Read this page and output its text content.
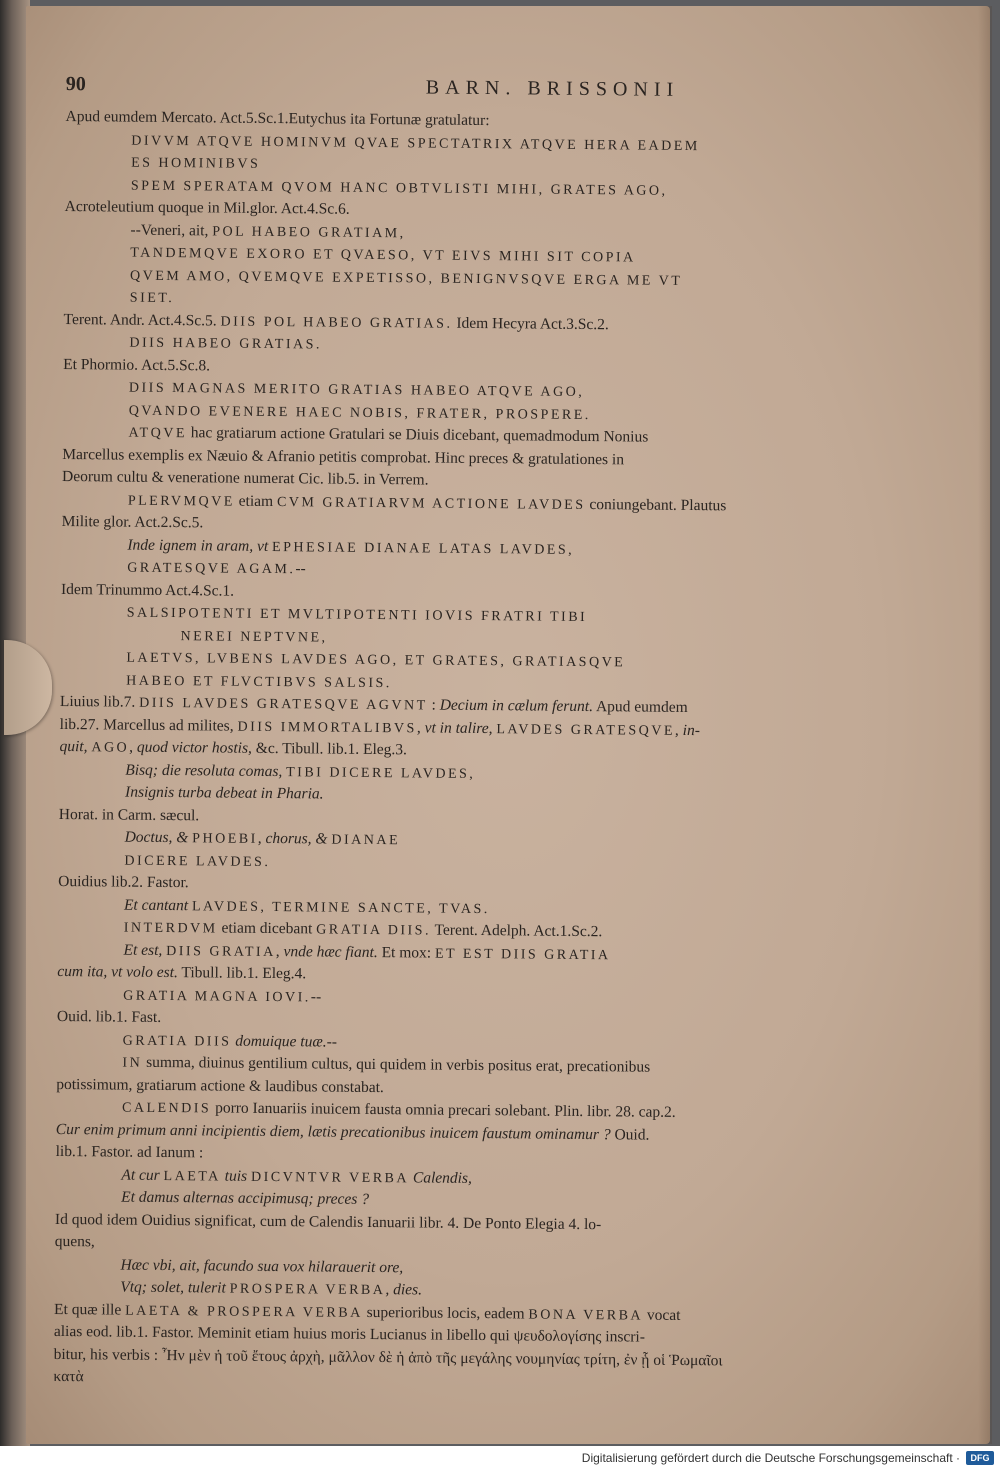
90	BARN. BRISSONII
Apud eumdem Mercato. Act.5.Sc.1.Eutychus ita Fortunæ gratulatur:
DIVVM ATQVE HOMINVM QVAE SPECTATRIX ATQVE HERA EADEM
ES HOMINIBVS
SPEM SPERATAM QVOM HANC OBTVLISTI MIHI, GRATES AGO,
Acroteleutium quoque in Mil.glor. Act.4.Sc.6.
--Veneri, ait, POL HABEO GRATIAM,
TANDEMQVE EXORO ET QVAESO, VT EIVS MIHI SIT COPIA
QVEM AMO, QVEMQVE EXPETISSO, BENIGNVSQVE ERGA ME VT
SIET.
Terent. Andr. Act.4.Sc.5. DIIS POL HABEO GRATIAS. Idem Hecyra Act.3.Sc.2.
DIIS HABEO GRATIAS.
Et Phormio. Act.5.Sc.8.
DIIS MAGNAS MERITO GRATIAS HABEO ATQVE AGO,
QVANDO EVENERE HAEC NOBIS, FRATER, PROSPERE.
ATQVE hac gratiarum actione Gratulari se Diuis dicebant, quemadmodum Nonius
Marcellus exemplis ex Næuio & Afranio petitis comprobat. Hinc preces & gratulationes in
Deorum cultu & veneratione numerat Cic. lib.5. in Verrem.
PLERVMQVE etiam CVM GRATIARVM ACTIONE LAVDES coniungebant. Plautus
Milite glor. Act.2.Sc.5.
Inde ignem in aram, vt EPHESIAE DIANAE LATAS LAVDES,
GRATESQVE AGAM.--
Idem Trinummo Act.4.Sc.1.
SALSIPOTENTI ET MVLTIPOTENTI IOVIS FRATRI TIBI
NEREI NEPTVNE,
LAETVS, LVBENS LAVDES AGO, ET GRATES, GRATIASQVE
HABEO ET FLVCTIBVS SALSIS.
Liuius lib.7. DIIS LAVDES GRATESQVE AGVNT : Decium in cælum ferunt. Apud eumdem
lib.27. Marcellus ad milites, DIIS IMMORTALIBVS, vt in talire, LAVDES GRATESQVE, in-
quit, AGO, quod victor hostis, &c. Tibull. lib.1. Eleg.3.
Bisq; die resoluta comas, TIBI DICERE LAVDES,
Insignis turba debeat in Pharia.
Horat. in Carm. sæcul.
Doctus, & PHOEBI, chorus, & DIANAE
DICERE LAVDES.
Ouidius lib.2. Fastor.
Et cantant LAVDES, TERMINE SANCTE, TVAS.
INTERDVM etiam dicebant GRATIA DIIS. Terent. Adelph. Act.1.Sc.2.
Et est, DIIS GRATIA, vnde hæc fiant. Et mox: ET EST DIIS GRATIA
cum ita, vt volo est. Tibull. lib.1. Eleg.4.
GRATIA MAGNA IOVI.--
Ouid. lib.1. Fast.
GRATIA DIIS domuique tuæ.--
IN summa, diuinus gentilium cultus, qui quidem in verbis positus erat, precationibus
potissimum, gratiarum actione & laudibus constabat.
CALENDIS porro Ianuariis inuicem fausta omnia precari solebant. Plin. libr. 28. cap.2.
Cur enim primum anni incipientis diem, lætis precationibus inuicem faustum ominamur ? Ouid.
lib.1. Fastor. ad Ianum :
At cur LAETA tuis DICVNTVR VERBA Calendis,
Et damus alternas accipimusq; preces ?
Id quod idem Ouidius significat, cum de Calendis Ianuarii libr. 4. De Ponto Elegia 4. lo-
quens,
Hæc vbi, ait, facundo sua vox hilarauerit ore,
Vtq; solet, tulerit PROSPERA VERBA, dies.
Et quæ ille LAETA & PROSPERA VERBA superioribus locis, eadem BONA VERBA vocat
alias eod. lib.1. Fastor. Meminit etiam huius moris Lucianus in libello qui ψευδολογίσης inscri-
bitur, his verbis : Ἦν μὲν ἡ τοῦ ἔτους ἀρχὴ, μᾶλλον δὲ ἡ ἀπὸ τῆς μεγάλης νουμηνίας τρίτη, ἐν ᾗ οἱ Ῥωμαῖοι
κατὰ
Digitalisierung gefördert durch die Deutsche Forschungsgemeinschaft ·	DFG
